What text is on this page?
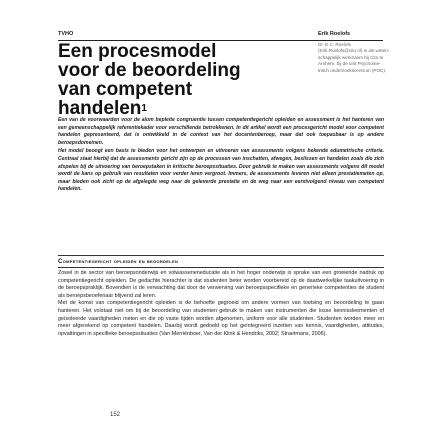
TVHO	Erik Roelofs
Een procesmodel voor de beoordeling van competent handelen$^1$
Dr. E.C. Roelofs (Erik.Roelofs@cito.nl) is als weten-schappelijk werkzaam bij Cito te Arnhem, bij de unit Psychome-trisch onderzoekscentrum (POC).

Een van de voorwaarden voor de alom bepleite congruentie tussen competentiegericht opleiden en assessment is het hanteren van een gemeenschappelijk referentiekader voor verschillende betrokkenen. In dit artikel wordt een procesgericht model voor competent handelen gepresenteerd, dat is ontwikkeld in de context van het docentenberoep, maar dat ook toepasbaar is op andere beroepsdomeinen.

Het model beoogt een basis te bieden voor het ontwerpen en uitvoeren van assessments volgens bekende edumetrische criteria. Centraal staat hierbij dat de assessments gericht zijn op de processen van inschatten, afwegen, beslissen en handelen zoals die zich afspelen bij de uitvoering van beroepstaken in kritische beroepssituaties. Door gebruik te maken van assessments volgens dit model wordt de kans op gebruik van resultaten voor verder leren vergroot. Immers, de assessments leveren niet alleen prestatiemeten op, maar bieden ook zicht op de afgelegde weg naar de geleverde prestatie en de weg naar een eerstvolgend niveau van competent handelen.

Competentiegericht opleiden en beoordelen

Zowel in de sector van beroepsonderwijs en volwasseneneducatie als in het hoger onderwijs is sprake van een groeiende nadruk op competentiegericht opleiden. De gedachte hierachter is dat studenten beter worden voorbereid op de daadwerkelijke taakuitvoering in de beroepspraktijk. Bovendien is de verwachting dat door de verwerving van beroepsspecifieke en generieke competenties de student als beroepsbeoefenaar blijvend zal leren.

Met de komst van competentiegericht opleiden is de behoefte gegroeid om andere vormen van toetsing en beoordeling te gaan hanteren. Het volstaat niet om bij de beoordeling van studenten gebruik te maken van instrumenten die losse kennissleementen of geïsoleerde vaardigheden meten en die op vaste tijden worden afgenomen, uniform voor alle studenten. Studenten worden meer en meer afgerekend op competent handelen. Daarbij wordt gedoeld op het geïntegreerd inzetten van kennis, vaardigheden, attitudes, opvattingen in specifieke beroepssituaties (Van Merriënboer, Van der Klink & Hendriks, 2002; Straetmans, 2006).

152
